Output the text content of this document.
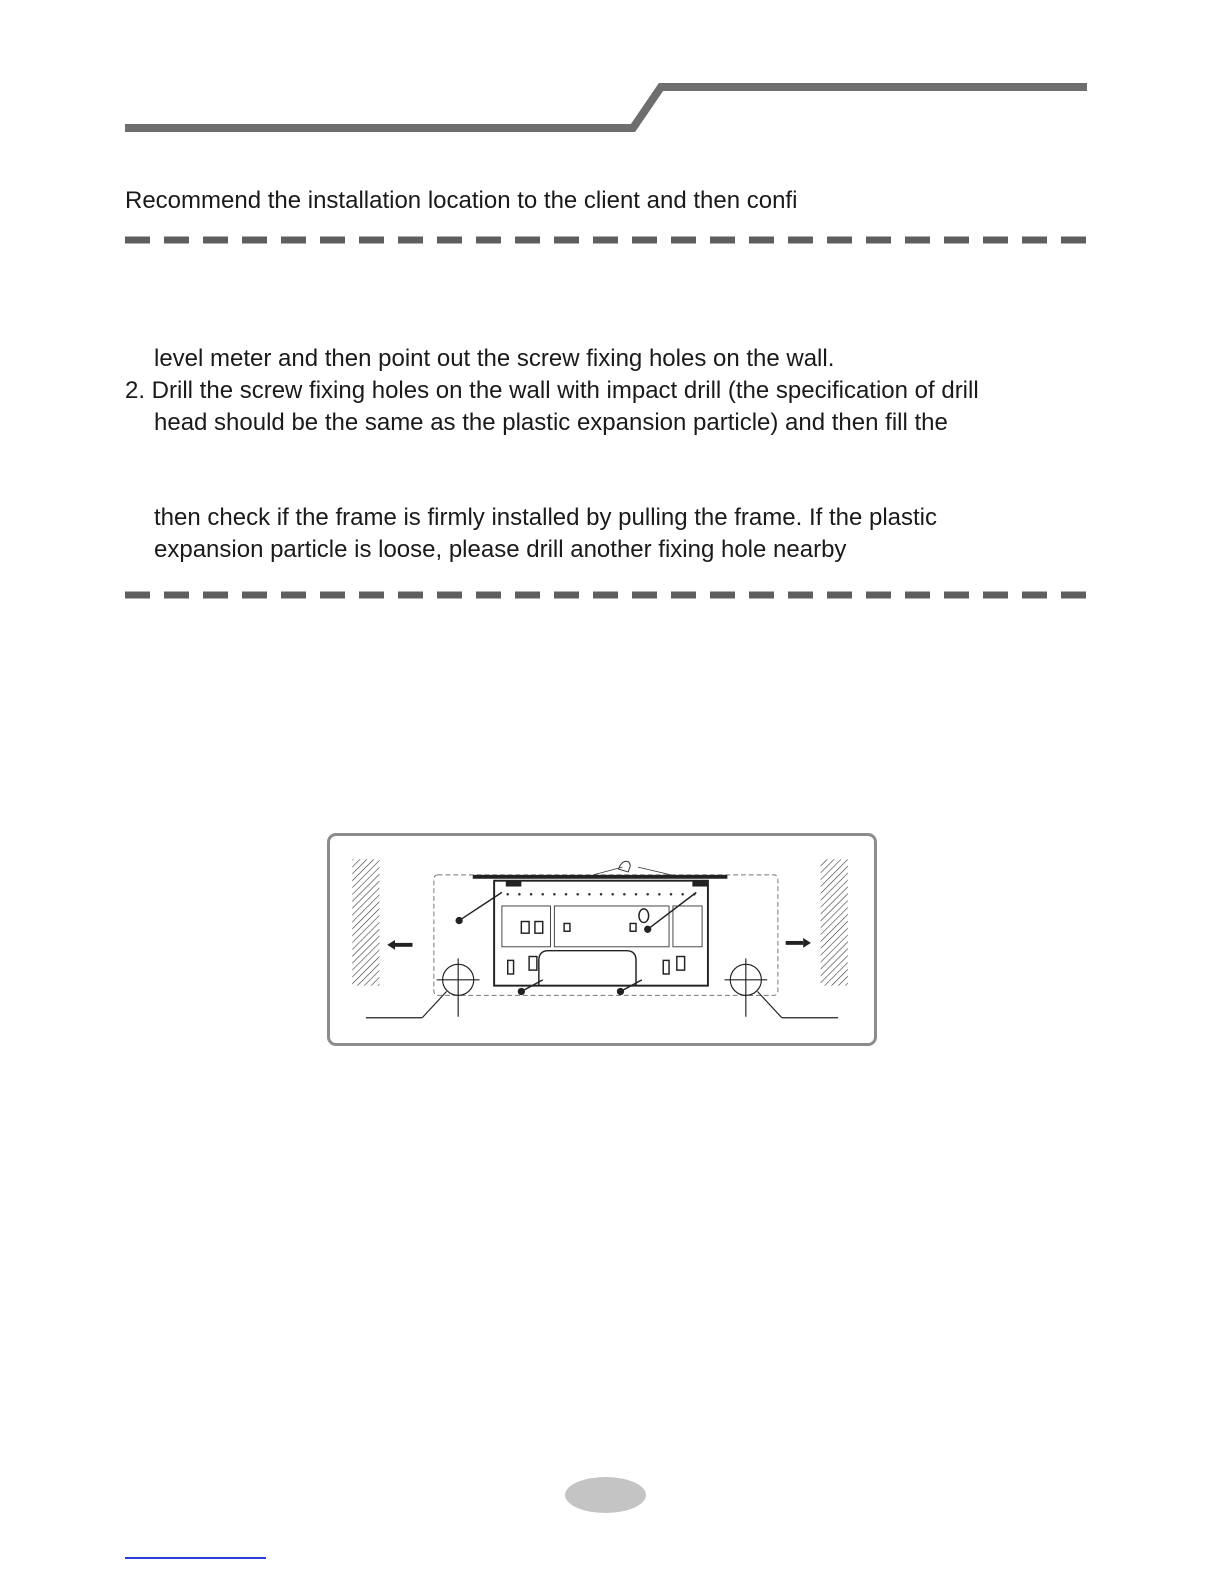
Recommend the installation location to the client and then confi
level meter and then point out the screw fixing holes on the wall.
2. Drill the screw fixing holes on the wall with impact drill (the specification of drill
head should be the same as the plastic expansion particle) and then fill the
then check if the frame is firmly installed by pulling the frame. If the plastic
expansion particle is loose, please drill another fixing hole nearby
